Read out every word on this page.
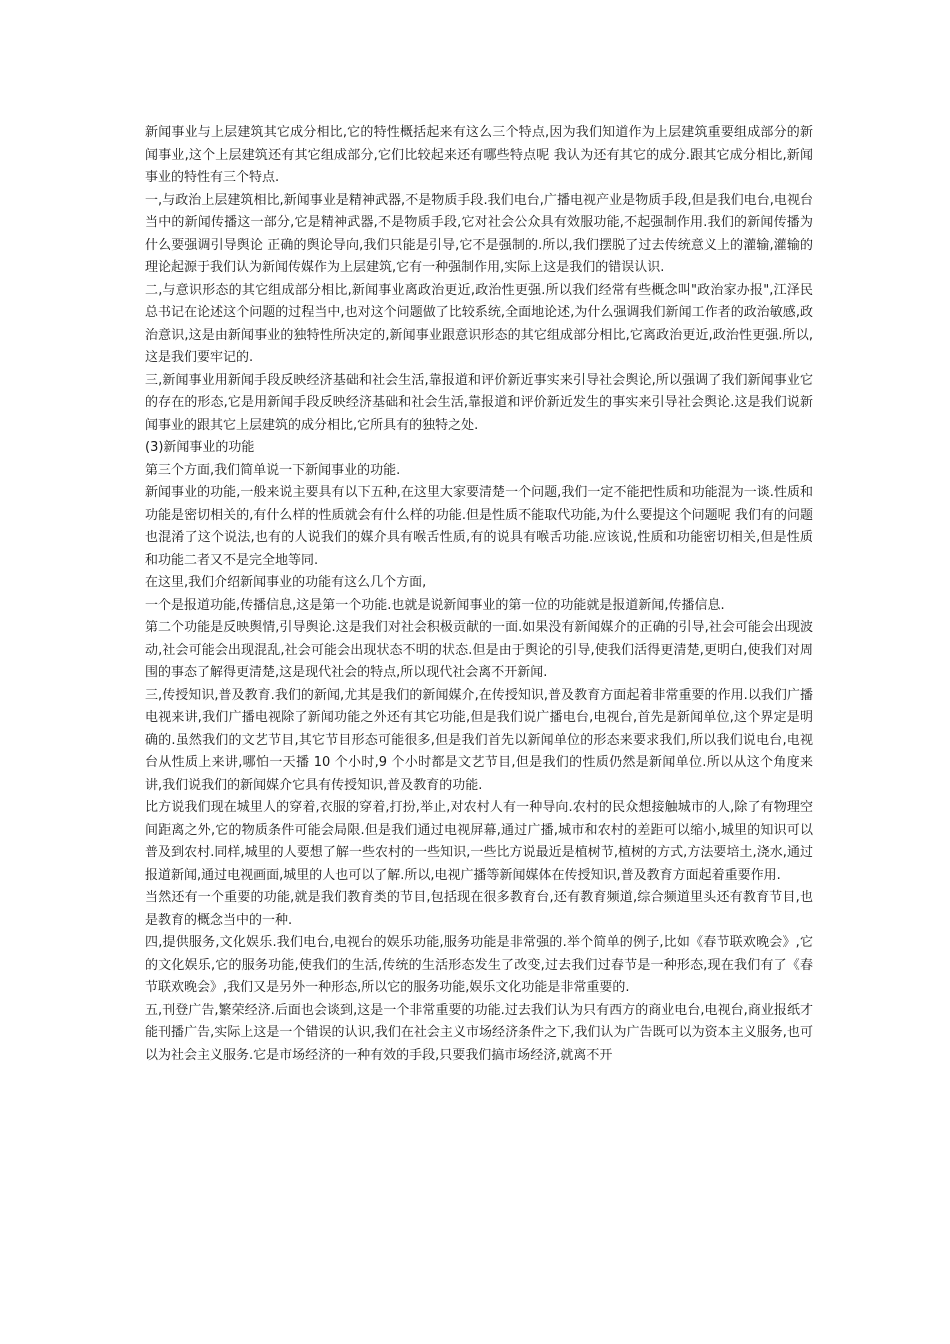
新闻事业与上层建筑其它成分相比,它的特性概括起来有这么三个特点,因为我们知道作为上层建筑重要组成部分的新闻事业,这个上层建筑还有其它组成部分,它们比较起来还有哪些特点呢 我认为还有其它的成分.跟其它成分相比,新闻事业的特性有三个特点.

一,与政治上层建筑相比,新闻事业是精神武器,不是物质手段.我们电台,广播电视产业是物质手段,但是我们电台,电视台当中的新闻传播这一部分,它是精神武器,不是物质手段,它对社会公众具有效服功能,不起强制作用.我们的新闻传播为什么要强调引导舆论 正确的舆论导向,我们只能是引导,它不是强制的.所以,我们摆脱了过去传统意义上的灌输,灌输的理论起源于我们认为新闻传媒作为上层建筑,它有一种强制作用,实际上这是我们的错误认识.

二,与意识形态的其它组成部分相比,新闻事业离政治更近,政治性更强.所以我们经常有些概念叫"政治家办报",江泽民总书记在论述这个问题的过程当中,也对这个问题做了比较系统,全面地论述,为什么强调我们新闻工作者的政治敏感,政治意识,这是由新闻事业的独特性所决定的,新闻事业跟意识形态的其它组成部分相比,它离政治更近,政治性更强.所以,这是我们要牢记的.

三,新闻事业用新闻手段反映经济基础和社会生活,靠报道和评价新近事实来引导社会舆论,所以强调了我们新闻事业它的存在的形态,它是用新闻手段反映经济基础和社会生活,靠报道和评价新近发生的事实来引导社会舆论.这是我们说新闻事业的跟其它上层建筑的成分相比,它所具有的独特之处.

(3)新闻事业的功能

第三个方面,我们简单说一下新闻事业的功能.

新闻事业的功能,一般来说主要具有以下五种,在这里大家要清楚一个问题,我们一定不能把性质和功能混为一谈.性质和功能是密切相关的,有什么样的性质就会有什么样的功能.但是性质不能取代功能,为什么要提这个问题呢 我们有的问题也混淆了这个说法,也有的人说我们的媒介具有喉舌性质,有的说具有喉舌功能.应该说,性质和功能密切相关,但是性质和功能二者又不是完全地等同.

在这里,我们介绍新闻事业的功能有这么几个方面,

一个是报道功能,传播信息,这是第一个功能.也就是说新闻事业的第一位的功能就是报道新闻,传播信息.

第二个功能是反映舆情,引导舆论.这是我们对社会积极贡献的一面.如果没有新闻媒介的正确的引导,社会可能会出现波动,社会可能会出现混乱,社会可能会出现状态不明的状态.但是由于舆论的引导,使我们活得更清楚,更明白,使我们对周围的事态了解得更清楚,这是现代社会的特点,所以现代社会离不开新闻.

三,传授知识,普及教育.我们的新闻,尤其是我们的新闻媒介,在传授知识,普及教育方面起着非常重要的作用.以我们广播电视来讲,我们广播电视除了新闻功能之外还有其它功能,但是我们说广播电台,电视台,首先是新闻单位,这个界定是明确的.虽然我们的文艺节目,其它节目形态可能很多,但是我们首先以新闻单位的形态来要求我们,所以我们说电台,电视台从性质上来讲,哪怕一天播 10 个小时,9 个小时都是文艺节目,但是我们的性质仍然是新闻单位.所以从这个角度来讲,我们说我们的新闻媒介它具有传授知识,普及教育的功能.

比方说我们现在城里人的穿着,衣服的穿着,打扮,举止,对农村人有一种导向.农村的民众想接触城市的人,除了有物理空间距离之外,它的物质条件可能会局限.但是我们通过电视屏幕,通过广播,城市和农村的差距可以缩小,城里的知识可以普及到农村.同样,城里的人要想了解一些农村的一些知识,一些比方说最近是植树节,植树的方式,方法要培土,浇水,通过报道新闻,通过电视画面,城里的人也可以了解.所以,电视广播等新闻媒体在传授知识,普及教育方面起着重要作用.

当然还有一个重要的功能,就是我们教育类的节目,包括现在很多教育台,还有教育频道,综合频道里头还有教育节目,也是教育的概念当中的一种.

四,提供服务,文化娱乐.我们电台,电视台的娱乐功能,服务功能是非常强的.举个简单的例子,比如《春节联欢晚会》,它的文化娱乐,它的服务功能,使我们的生活,传统的生活形态发生了改变,过去我们过春节是一种形态,现在我们有了《春节联欢晚会》,我们又是另外一种形态,所以它的服务功能,娱乐文化功能是非常重要的.

五,刊登广告,繁荣经济.后面也会谈到,这是一个非常重要的功能.过去我们认为只有西方的商业电台,电视台,商业报纸才能刊播广告,实际上这是一个错误的认识,我们在社会主义市场经济条件之下,我们认为广告既可以为资本主义服务,也可以为社会主义服务.它是市场经济的一种有效的手段,只要我们搞市场经济,就离不开
